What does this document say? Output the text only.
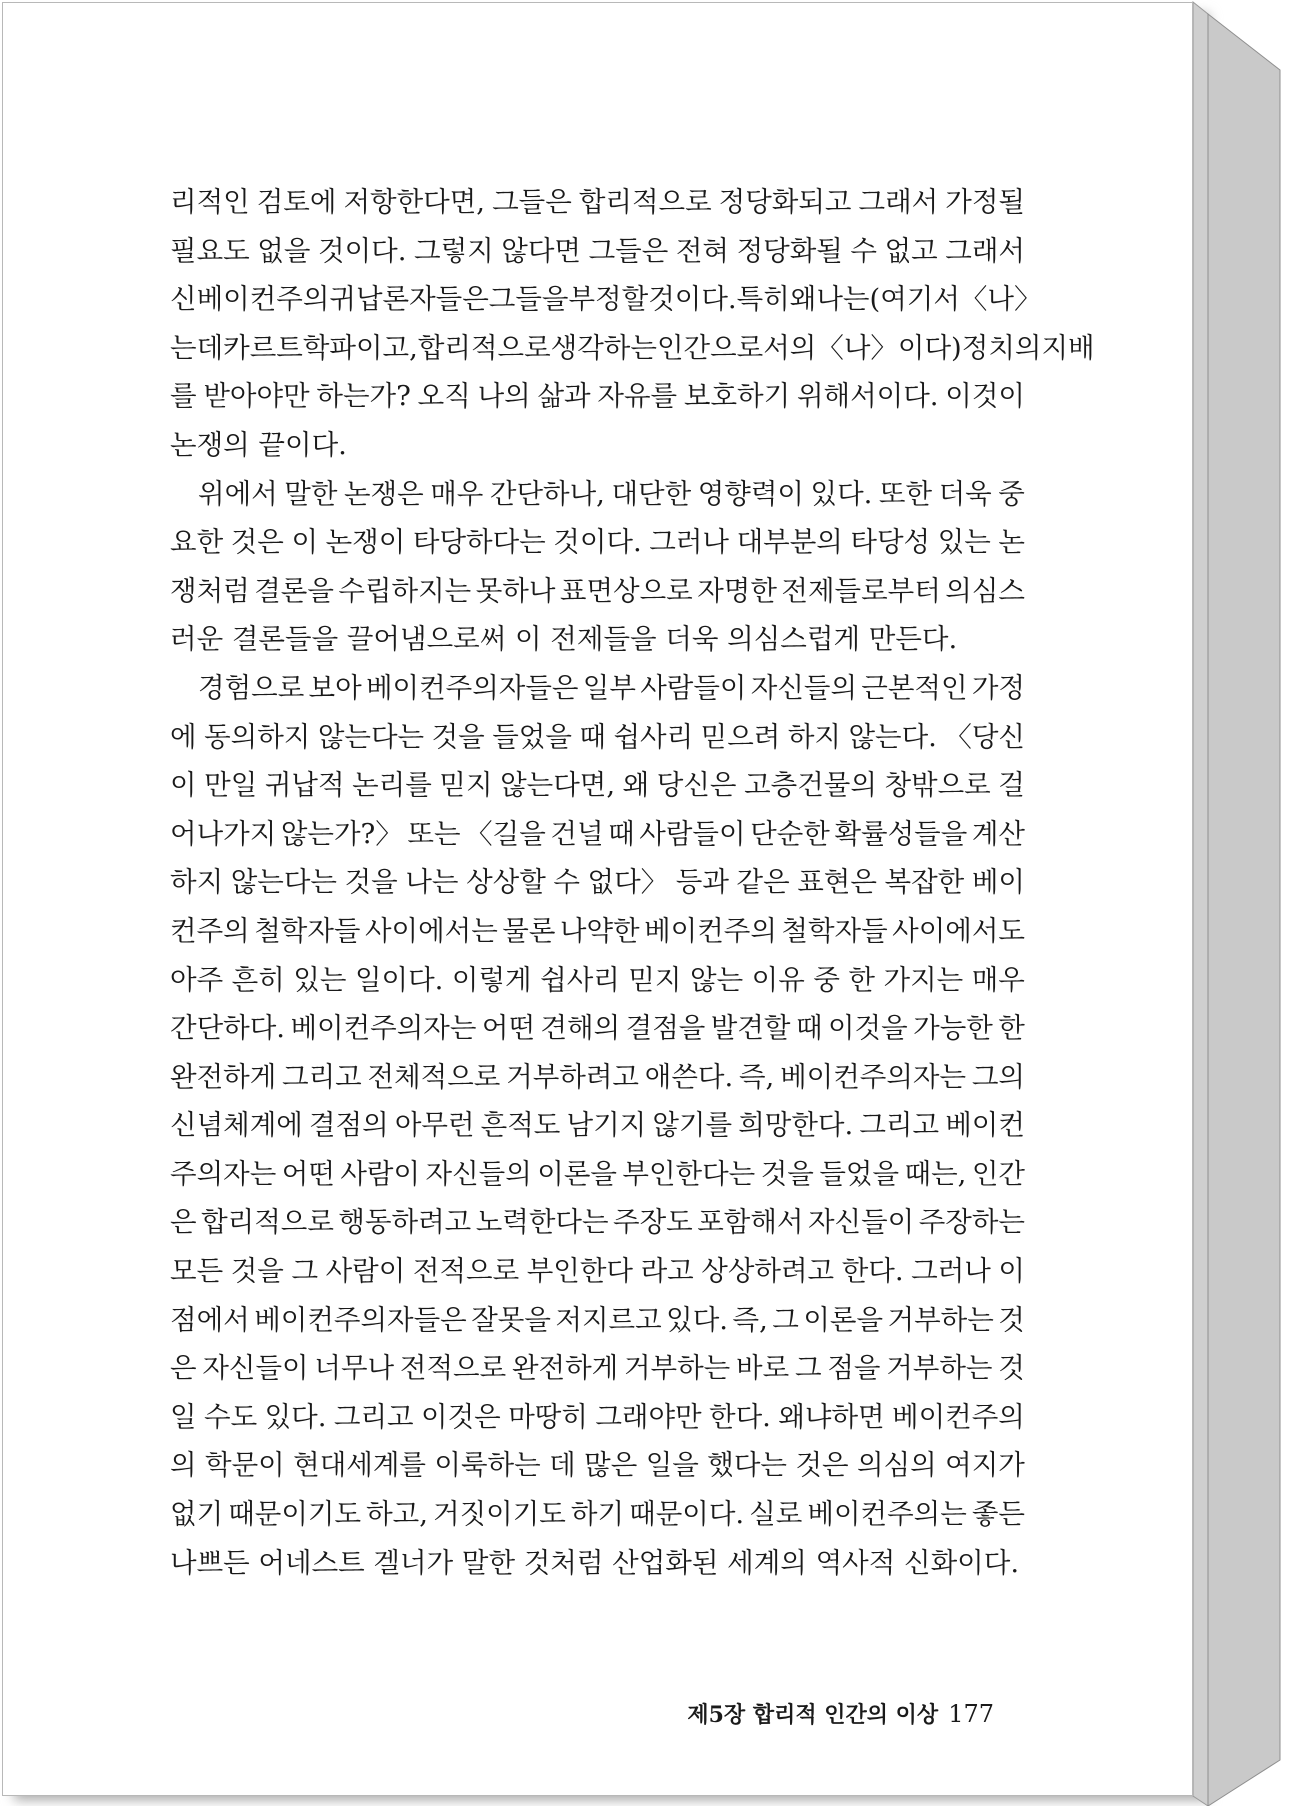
리적인 검토에 저항한다면, 그들은 합리적으로 정당화되고 그래서 가정될
필요도 없을 것이다. 그렇지 않다면 그들은 전혀 정당화될 수 없고 그래서
신베이컨주의 귀납론자들은 그들을 부정할 것이다. 특히 왜 나는(여기서 〈나〉
는 데카르트학파이고, 합리적으로 생각하는 인간으로서의 〈나〉이다) 정치의 지배
를 받아야만 하는가? 오직 나의 삶과 자유를 보호하기 위해서이다. 이것이
논쟁의 끝이다.
위에서 말한 논쟁은 매우 간단하나, 대단한 영향력이 있다. 또한 더욱 중
요한 것은 이 논쟁이 타당하다는 것이다. 그러나 대부분의 타당성 있는 논
쟁처럼 결론을 수립하지는 못하나 표면상으로 자명한 전제들로부터 의심스
러운 결론들을 끌어냄으로써 이 전제들을 더욱 의심스럽게 만든다.
경험으로 보아 베이컨주의자들은 일부 사람들이 자신들의 근본적인 가정
에 동의하지 않는다는 것을 들었을 때 쉽사리 믿으려 하지 않는다. 〈당신
이 만일 귀납적 논리를 믿지 않는다면, 왜 당신은 고층건물의 창밖으로 걸
어나가지 않는가?〉 또는 〈길을 건널 때 사람들이 단순한 확률성들을 계산
하지 않는다는 것을 나는 상상할 수 없다〉 등과 같은 표현은 복잡한 베이
컨주의 철학자들 사이에서는 물론 나약한 베이컨주의 철학자들 사이에서도
아주 흔히 있는 일이다. 이렇게 쉽사리 믿지 않는 이유 중 한 가지는 매우
간단하다. 베이컨주의자는 어떤 견해의 결점을 발견할 때 이것을 가능한 한
완전하게 그리고 전체적으로 거부하려고 애쓴다. 즉, 베이컨주의자는 그의
신념체계에 결점의 아무런 흔적도 남기지 않기를 희망한다. 그리고 베이컨
주의자는 어떤 사람이 자신들의 이론을 부인한다는 것을 들었을 때는, 인간
은 합리적으로 행동하려고 노력한다는 주장도 포함해서 자신들이 주장하는
모든 것을 그 사람이 전적으로 부인한다 라고 상상하려고 한다. 그러나 이
점에서 베이컨주의자들은 잘못을 저지르고 있다. 즉, 그 이론을 거부하는 것
은 자신들이 너무나 전적으로 완전하게 거부하는 바로 그 점을 거부하는 것
일 수도 있다. 그리고 이것은 마땅히 그래야만 한다. 왜냐하면 베이컨주의
의 학문이 현대세계를 이룩하는 데 많은 일을 했다는 것은 의심의 여지가
없기 때문이기도 하고, 거짓이기도 하기 때문이다. 실로 베이컨주의는 좋든
나쁘든 어네스트 겔너가 말한 것처럼 산업화된 세계의 역사적 신화이다.
제5장 합리적 인간의 이상 177
